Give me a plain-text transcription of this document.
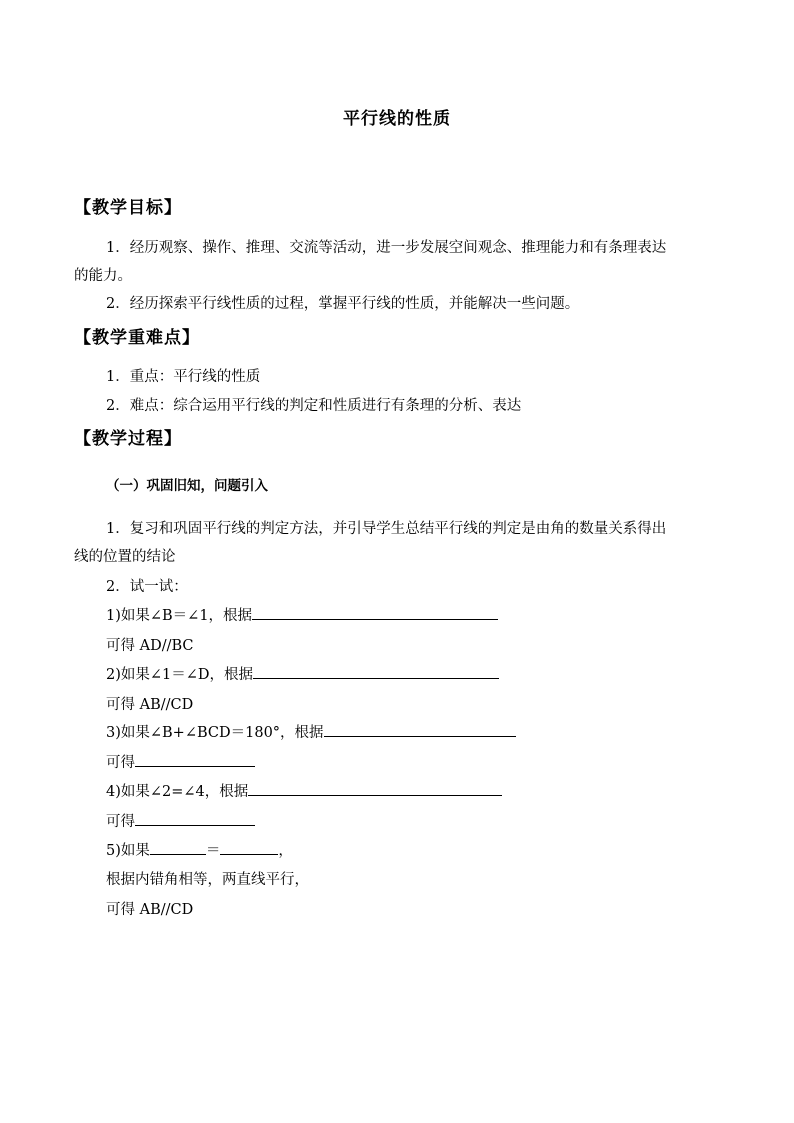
平行线的性质
【教学目标】
1．经历观察、操作、推理、交流等活动，进一步发展空间观念、推理能力和有条理表达
的能力。
2．经历探索平行线性质的过程，掌握平行线的性质，并能解决一些问题。
【教学重难点】
1．重点：平行线的性质
2．难点：综合运用平行线的判定和性质进行有条理的分析、表达
【教学过程】
（一）巩固旧知，问题引入
1．复习和巩固平行线的判定方法，并引导学生总结平行线的判定是由角的数量关系得出
线的位置的结论
2．试一试：
1)如果∠B＝∠1，根据
可得 AD//BC
2)如果∠1＝∠D，根据
可得 AB//CD
3)如果∠B+∠BCD＝180°，根据
可得
4)如果∠2=∠4，根据
可得
5)如果	＝	，
根据内错角相等，两直线平行，
可得 AB//CD
